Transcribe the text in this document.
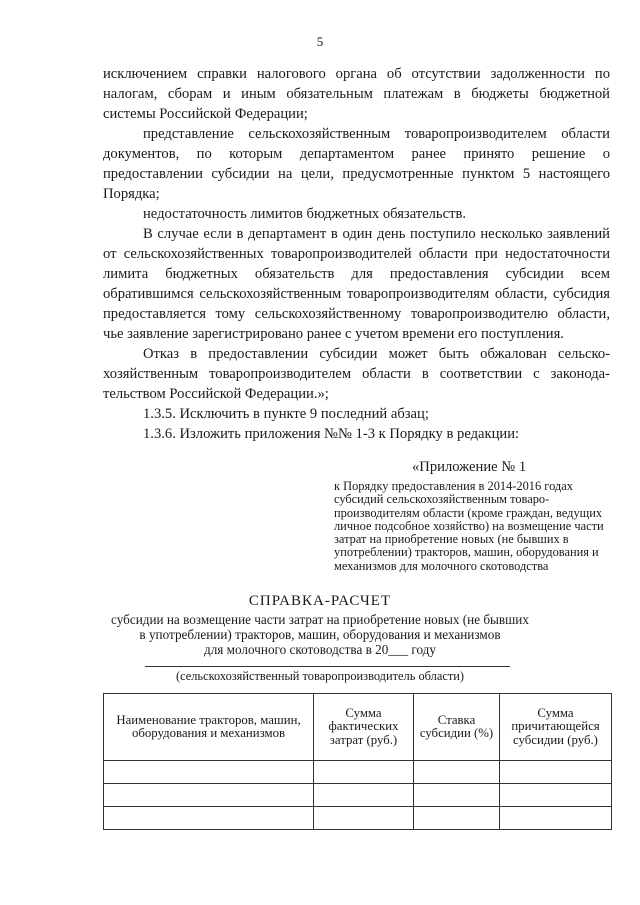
5

исключением справки налогового органа об отсутствии задолженности по налогам, сборам и иным обязательным платежам в бюджеты бюджетной системы Российской Федерации;

представление сельскохозяйственным товаропроизводителем области документов, по которым департаментом ранее принято решение о предоставлении субсидии на цели, предусмотренные пунктом 5 настоящего Порядка;

недостаточность лимитов бюджетных обязательств.

В случае если в департамент в один день поступило несколько заявлений от сельскохозяйственных товаропроизводителей области при недостаточности лимита бюджетных обязательств для предоставления субсидии всем обратившимся сельскохозяйственным товаропроизводителям области, субсидия предоставляется тому сельскохозяйственному товаропроизводителю области, чье заявление зарегистрировано ранее с учетом времени его поступления.

Отказ в предоставлении субсидии может быть обжалован сельско-хозяйственным товаропроизводителем области в соответствии с законода-тельством Российской Федерации.»;

1.3.5. Исключить в пункте 9 последний абзац;

1.3.6. Изложить приложения №№ 1-3 к Порядку в редакции:

«Приложение № 1
к Порядку предоставления в 2014-2016 годах субсидий сельскохозяйственным товаро-производителям области (кроме граждан, ведущих личное подсобное хозяйство) на возмещение части затрат на приобретение новых (не бывших в употреблении) тракторов, машин, оборудования и механизмов для молочного скотоводства
СПРАВКА-РАСЧЕТ
субсидии на возмещение части затрат на приобретение новых (не бывших
в употреблении) тракторов, машин, оборудования и механизмов
для молочного скотоводства в 20___ году
(сельскохозяйственный товаропроизводитель области)
Наименование тракторов, машин, оборудования и механизмов	Сумма фактических затрат (руб.)	Ставка субсидии (%)	Сумма причитающейся субсидии (руб.)
